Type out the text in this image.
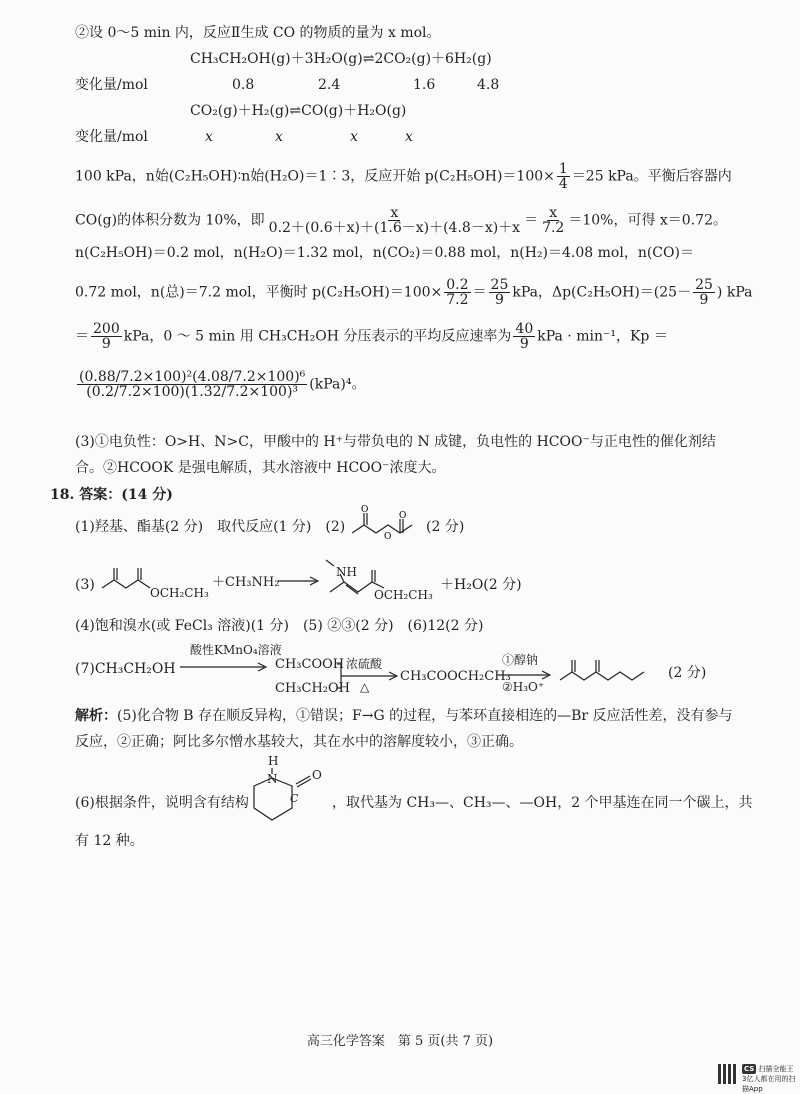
②设 0～5 min 内，反应Ⅱ生成 CO 的物质的量为 x mol。
CH₃CH₂OH(g)＋3H₂O(g)⇌2CO₂(g)＋6H₂(g)
变化量/mol	0.8	2.4	1.6	4.8
CO₂(g)＋H₂(g)⇌CO(g)＋H₂O(g)
变化量/mol	x	x	x	x
100 kPa，n始(C₂H₅OH)∶n始(H₂O)＝1∶3，反应开始 $p(C_2H_5OH)=100\times \frac{1}{4} =25$ kPa。平衡后容器内
CO(g)的体积分数为 10%，即 $\frac{x}{0.2+(0.6+x)+(1.6-x)+(4.8-x)+x} = \frac{x}{7.2} =10\%$，可得 x＝0.72。
n(C₂H₅OH)＝0.2 mol，n(H₂O)＝1.32 mol，n(CO₂)＝0.88 mol，n(H₂)＝4.08 mol，n(CO)＝
0.72 mol，n(总)＝7.2 mol，平衡时 $p(C_2H_5OH)=100\times \frac{0.2}{7.2} = \frac{25}{9}$ kPa，$\Delta p(C_2H_5OH)=(25- \frac{25}{9}$ ) kPa
＝ $\frac{200}{9}$ kPa，0 ～ 5 min 用 CH₃CH₂OH 分压表示的平均反应速率为 $\frac{40}{9}$ kPa · min⁻¹，Kp ＝
$\frac{\text{(0.88/7.2×100)²(4.08/7.2×100)⁶}}{\text{(0.2/7.2×100)(1.32/7.2×100)³}} (kPa)^4$。
(3)①电负性：O>H、N>C，甲酸中的 H⁺与带负电的 N 成键，负电性的 HCOO⁻与正电性的催化剂结
合。②HCOOK 是强电解质，其水溶液中 HCOO⁻浓度大。
18. 答案：(14 分)
(1)羟基、酯基(2 分)　取代反应(1 分)　(2)
O
O
O
(2 分)
(3)	OCH₂CH₃
＋CH₃NH₂
NH
OCH₂CH₃
＋H₂O(2 分)
(4)饱和溴水(或 FeCl₃ 溶液)(1 分)　(5) ②③(2 分)　(6)12(2 分)
(7)CH₃CH₂OH
酸性KMnO₄溶液
CH₃COOH
CH₃CH₂OH
浓硫酸
△
CH₃COOCH₂CH₃
①醇钠
②H₃O⁺
(2 分)
解析：(5)化合物 B 存在顺反异构，①错误；F→G 的过程，与苯环直接相连的—Br 反应活性差，没有参与
反应，②正确；阿比多尔憎水基较大，其在水中的溶解度较小，③正确。
(6)根据条件，说明含有结构
H
N	O
C ，取代基为 CH₃—、CH₃—、—OH，2 个甲基连在同一个碳上，共
有 12 种。
高三化学答案　第 5 页(共 7 页)
CS 扫描全能王
3亿人都在用的扫描App
